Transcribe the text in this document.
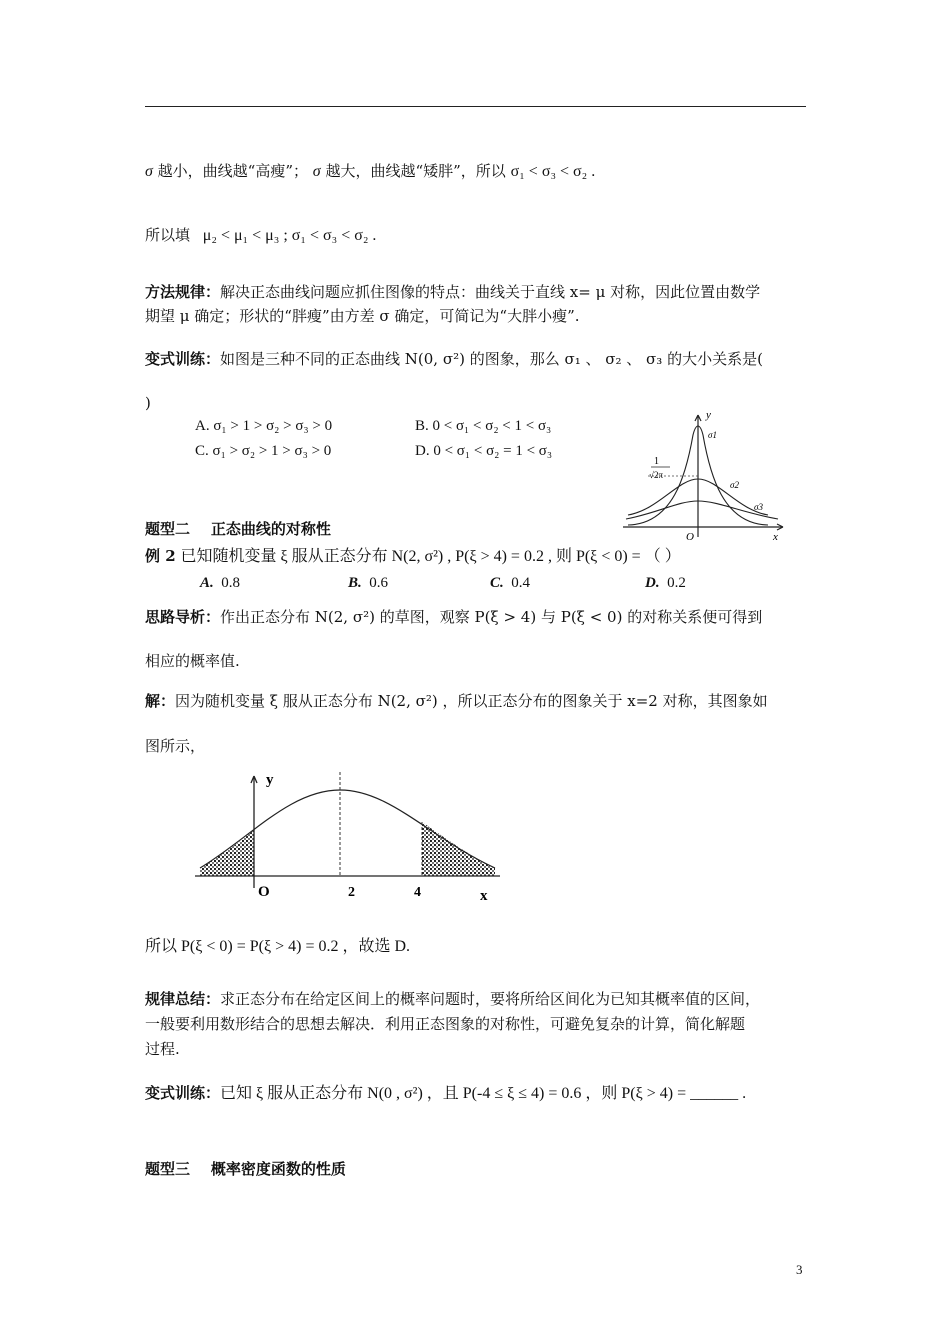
σ 越小，曲线越“高瘦”； σ 越大，曲线越“矮胖”，所以 σ₁ < σ₃ < σ₂ .
所以填 μ₂ < μ₁ < μ₃ ; σ₁ < σ₃ < σ₂ .
方法规律：解决正态曲线问题应抓住图像的特点：曲线关于直线 x= μ 对称，因此位置由数学
期望 μ 确定；形状的“胖瘦”由方差 σ 确定，可简记为“大胖小瘦”.
变式训练：如图是三种不同的正态曲线 N(0, σ²) 的图象，那么 σ₁ 、 σ₂ 、 σ₃ 的大小关系是(
)
A. σ₁ > 1 > σ₂ > σ₃ > 0	B. 0 < σ₁ < σ₂ < 1 < σ₃
C. σ₁ > σ₂ > 1 > σ₃ > 0	D. 0 < σ₁ < σ₂ = 1 < σ₃
y
x
O
1
√2π
σ1
σ2
σ3
题型二    正态曲线的对称性
例 2 已知随机变量 ξ 服从正态分布 N(2, σ²) , P(ξ > 4) = 0.2 , 则 P(ξ < 0) = （ ）
A. 0.8	B. 0.6	C. 0.4	D. 0.2
思路导析：作出正态分布 N(2, σ²) 的草图，观察 P(ξ > 4) 与 P(ξ < 0) 的对称关系便可得到
相应的概率值.
解：因为随机变量 ξ 服从正态分布 N(2, σ²) ，所以正态分布的图象关于 x=2 对称，其图象如
图所示，
y
x
O	2	4
所以 P(ξ < 0) = P(ξ > 4) = 0.2 ，故选 D.
规律总结：求正态分布在给定区间上的概率问题时，要将所给区间化为已知其概率值的区间，
一般要利用数形结合的思想去解决．利用正态图象的对称性，可避免复杂的计算，简化解题
过程.
变式训练：已知 ξ 服从正态分布 N(0 , σ²) ，且 P(-4 ≤ ξ ≤ 4) = 0.6 ，则 P(ξ > 4) = ______ .
题型三    概率密度函数的性质
3
